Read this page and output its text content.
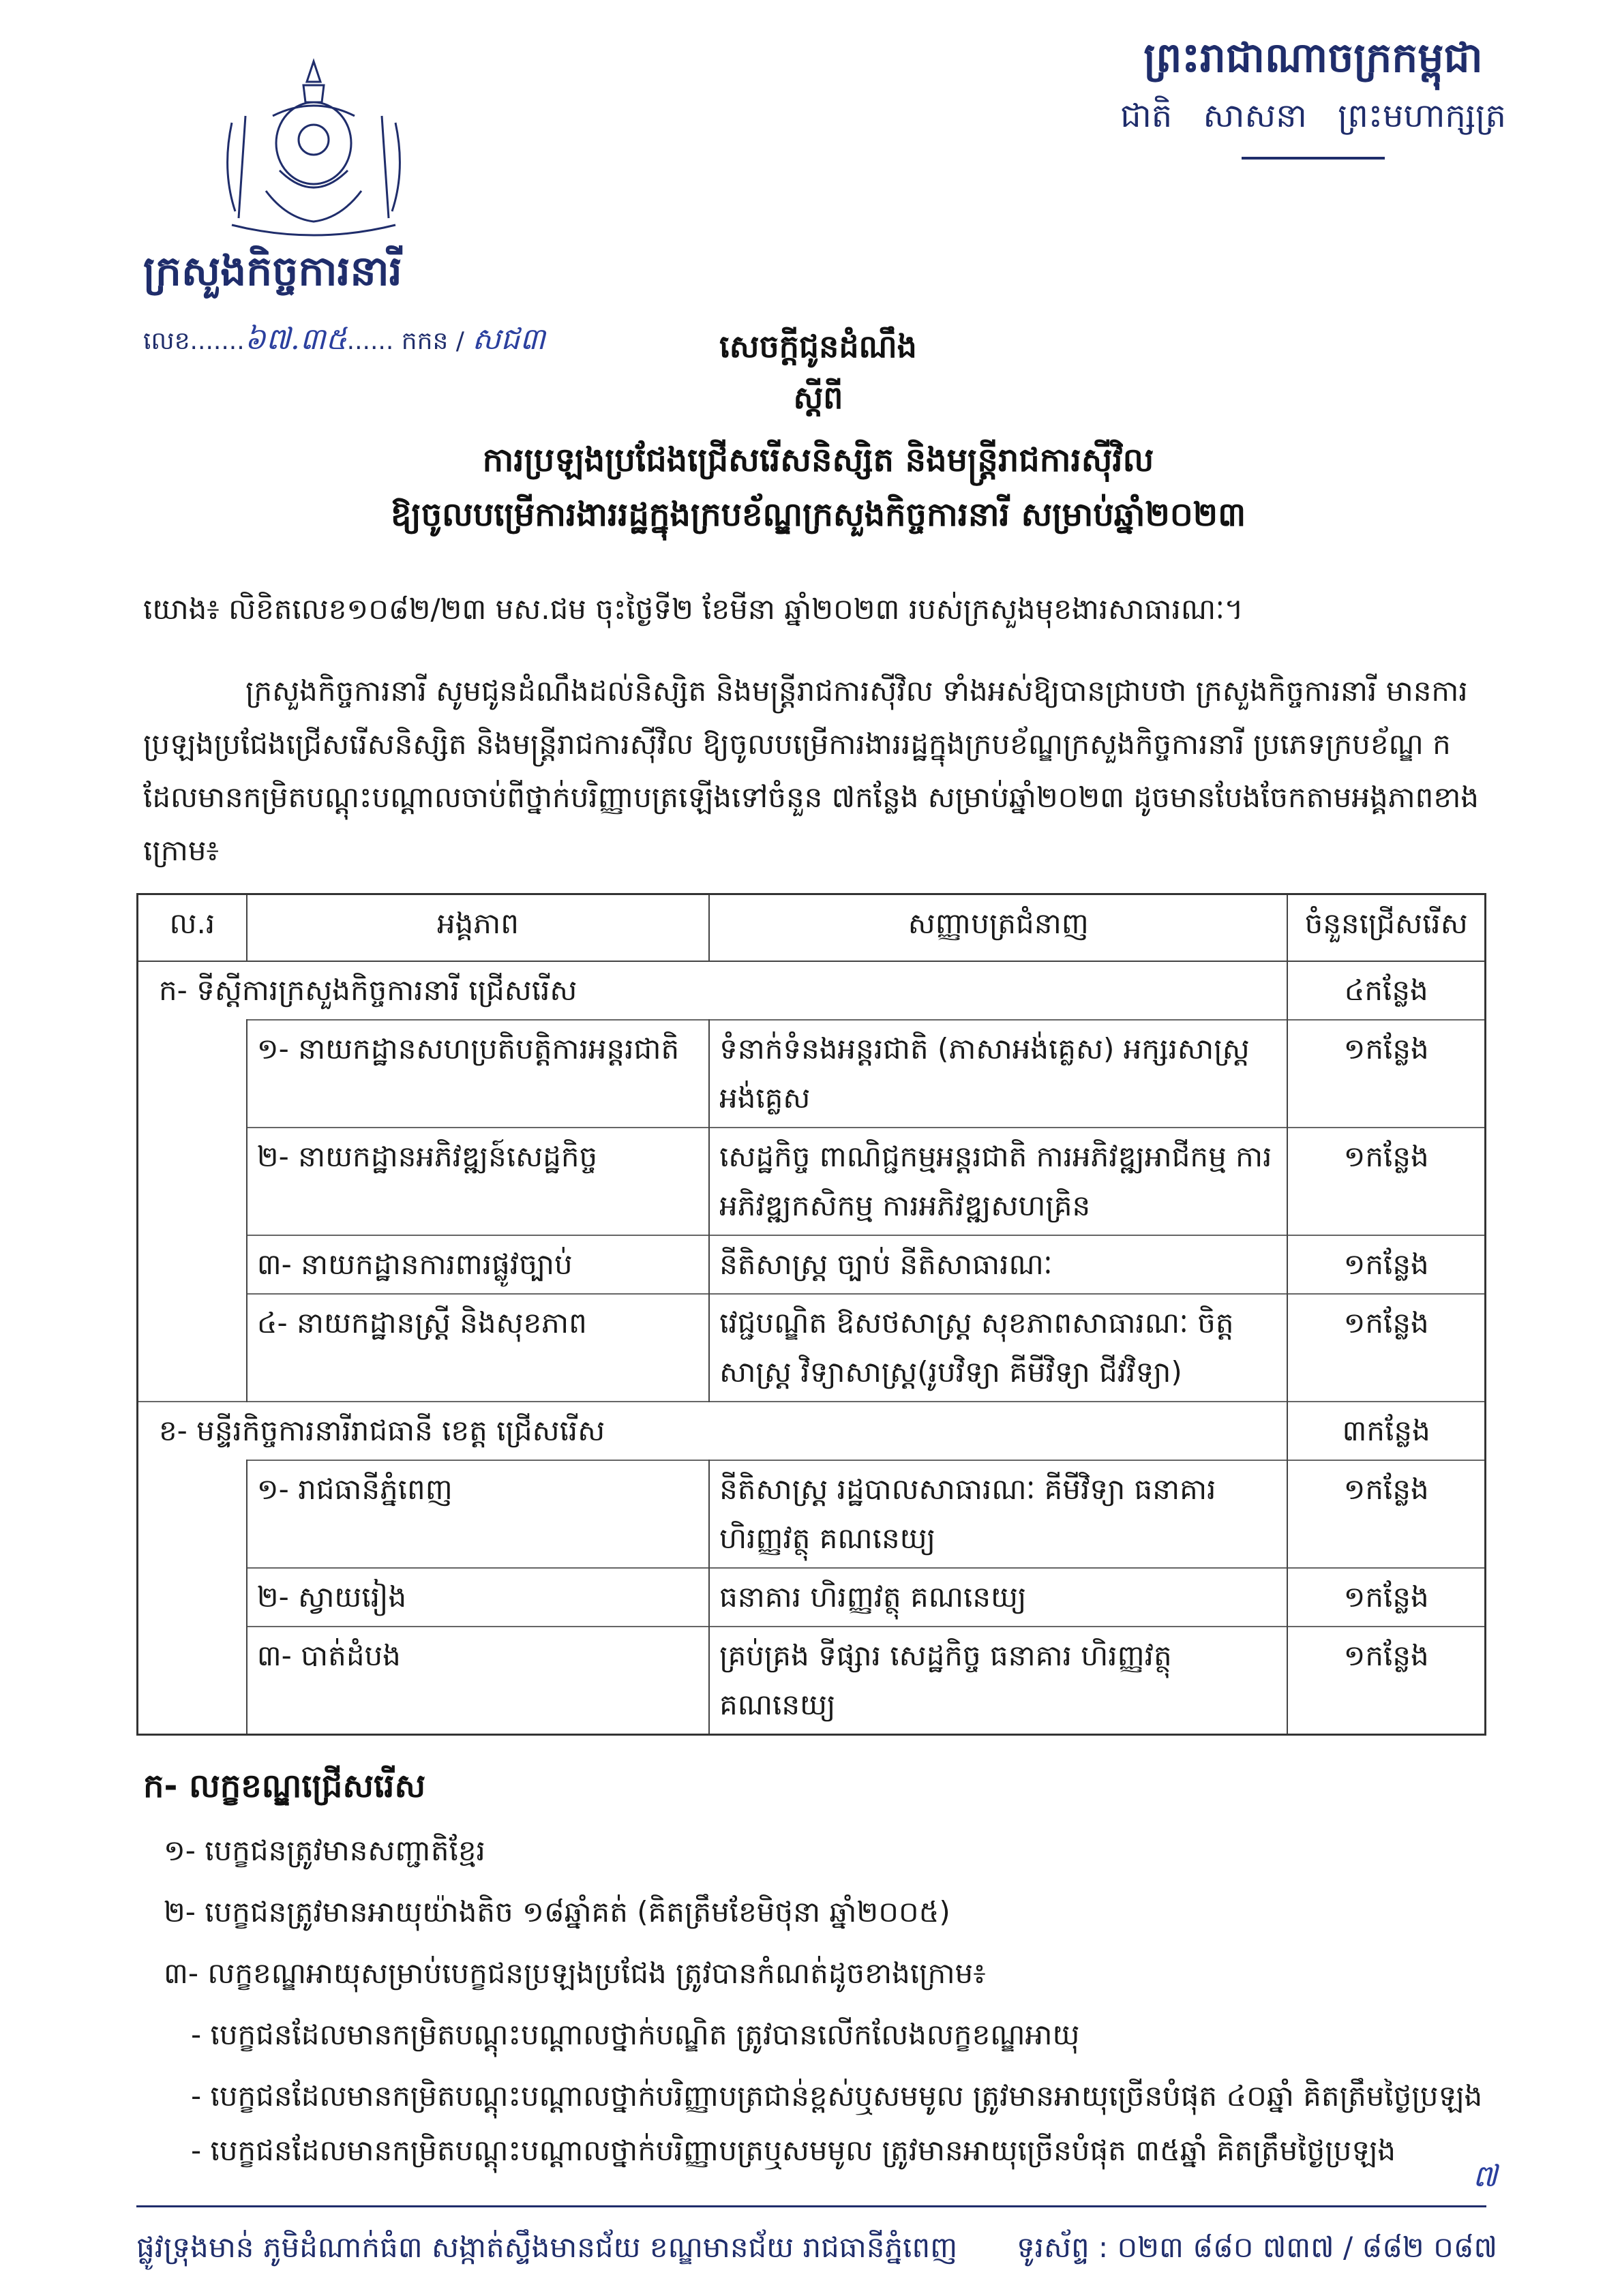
ព្រះរាជាណាចក្រកម្ពុជា
ជាតិ សាសនា ព្រះមហាក្សត្រ
ក្រសួងកិច្ចការនារី
លេខ.......៦៧.៣៥...... កកន / សជ៣	សេចក្ដីជូនដំណឹង
ស្ដីពី
ការប្រឡងប្រជែងជ្រើសរើសនិស្សិត និងមន្ត្រីរាជការស៊ីវិល
ឱ្យចូលបម្រើការងាររដ្ឋក្នុងក្របខ័ណ្ឌក្រសួងកិច្ចការនារី សម្រាប់ឆ្នាំ២០២៣
យោង៖ លិខិតលេខ១០៨២/២៣ មស.ជម ចុះថ្ងៃទី២ ខែមីនា ឆ្នាំ២០២៣ របស់ក្រសួងមុខងារសាធារណៈ។
ក្រសួងកិច្ចការនារី សូមជូនដំណឹងដល់និស្សិត និងមន្ត្រីរាជការស៊ីវិល ទាំងអស់ឱ្យបានជ្រាបថា ក្រសួងកិច្ចការនារី មានការប្រឡងប្រជែងជ្រើសរើសនិស្សិត និងមន្ត្រីរាជការស៊ីវិល ឱ្យចូលបម្រើការងាររដ្ឋក្នុងក្របខ័ណ្ឌក្រសួងកិច្ចការនារី ប្រភេទក្របខ័ណ្ឌ ក ដែលមានកម្រិតបណ្ដុះបណ្ដាលចាប់ពីថ្នាក់បរិញ្ញាបត្រឡើងទៅចំនួន ៧កន្លែង សម្រាប់ឆ្នាំ២០២៣ ដូចមានបែងចែកតាមអង្គភាពខាងក្រោម៖
ល.រ	អង្គភាព	សញ្ញាបត្រជំនាញ	ចំនួនជ្រើសរើស
ក- ទីស្ដីការក្រសួងកិច្ចការនារី ជ្រើសរើស			៤កន្លែង
	១- នាយកដ្ឋានសហប្រតិបត្តិការអន្តរជាតិ	ទំនាក់ទំនងអន្តរជាតិ (ភាសាអង់គ្លេស) អក្សរសាស្ត្រអង់គ្លេស	១កន្លែង
	២- នាយកដ្ឋានអភិវឌ្ឍន៍សេដ្ឋកិច្ច	សេដ្ឋកិច្ច ពាណិជ្ជកម្មអន្តរជាតិ ការអភិវឌ្ឍអាជីកម្ម ការអភិវឌ្ឍកសិកម្ម ការអភិវឌ្ឍសហគ្រិន	១កន្លែង
	៣- នាយកដ្ឋានការពារផ្លូវច្បាប់	នីតិសាស្ត្រ ច្បាប់ នីតិសាធារណៈ	១កន្លែង
	៤- នាយកដ្ឋានស្ត្រី និងសុខភាព	វេជ្ជបណ្ឌិត ឱសថសាស្ត្រ សុខភាពសាធារណៈ ចិត្តសាស្ត្រ វិទ្យាសាស្ត្រ(រូបវិទ្យា គីមីវិទ្យា ជីវវិទ្យា)	១កន្លែង
ខ- មន្ទីរកិច្ចការនារីរាជធានី ខេត្ត ជ្រើសរើស			៣កន្លែង
	១- រាជធានីភ្នំពេញ	នីតិសាស្ត្រ រដ្ឋបាលសាធារណៈ គីមីវិទ្យា ធនាគារ ហិរញ្ញវត្ថុ គណនេយ្យ	១កន្លែង
	២- ស្វាយរៀង	ធនាគារ ហិរញ្ញវត្ថុ គណនេយ្យ	១កន្លែង
	៣- បាត់ដំបង	គ្រប់គ្រង ទីផ្សារ សេដ្ឋកិច្ច ធនាគារ ហិរញ្ញវត្ថុ គណនេយ្យ	១កន្លែង
ក- លក្ខខណ្ឌជ្រើសរើស
១- បេក្ខជនត្រូវមានសញ្ជាតិខ្មែរ
២- បេក្ខជនត្រូវមានអាយុយ៉ាងតិច ១៨ឆ្នាំគត់ (គិតត្រឹមខែមិថុនា ឆ្នាំ២០០៥)
៣- លក្ខខណ្ឌអាយុសម្រាប់បេក្ខជនប្រឡងប្រជែង ត្រូវបានកំណត់ដូចខាងក្រោម៖
- បេក្ខជនដែលមានកម្រិតបណ្ដុះបណ្ដាលថ្នាក់បណ្ឌិត ត្រូវបានលើកលែងលក្ខខណ្ឌអាយុ
- បេក្ខជនដែលមានកម្រិតបណ្ដុះបណ្ដាលថ្នាក់បរិញ្ញាបត្រជាន់ខ្ពស់ឬសមមូល ត្រូវមានអាយុច្រើនបំផុត ៤០ឆ្នាំ គិតត្រឹមថ្ងៃប្រឡង
- បេក្ខជនដែលមានកម្រិតបណ្ដុះបណ្ដាលថ្នាក់បរិញ្ញាបត្រឬសមមូល ត្រូវមានអាយុច្រើនបំផុត ៣៥ឆ្នាំ គិតត្រឹមថ្ងៃប្រឡង
៧
ផ្លូវទ្រុងមាន់ ភូមិដំណាក់ធំ៣ សង្កាត់ស្ទឹងមានជ័យ ខណ្ឌមានជ័យ រាជធានីភ្នំពេញ ទូរស័ព្ទ : ០២៣ ៨៨០ ៧៣៧ / ៨៨២ ០៨៧
